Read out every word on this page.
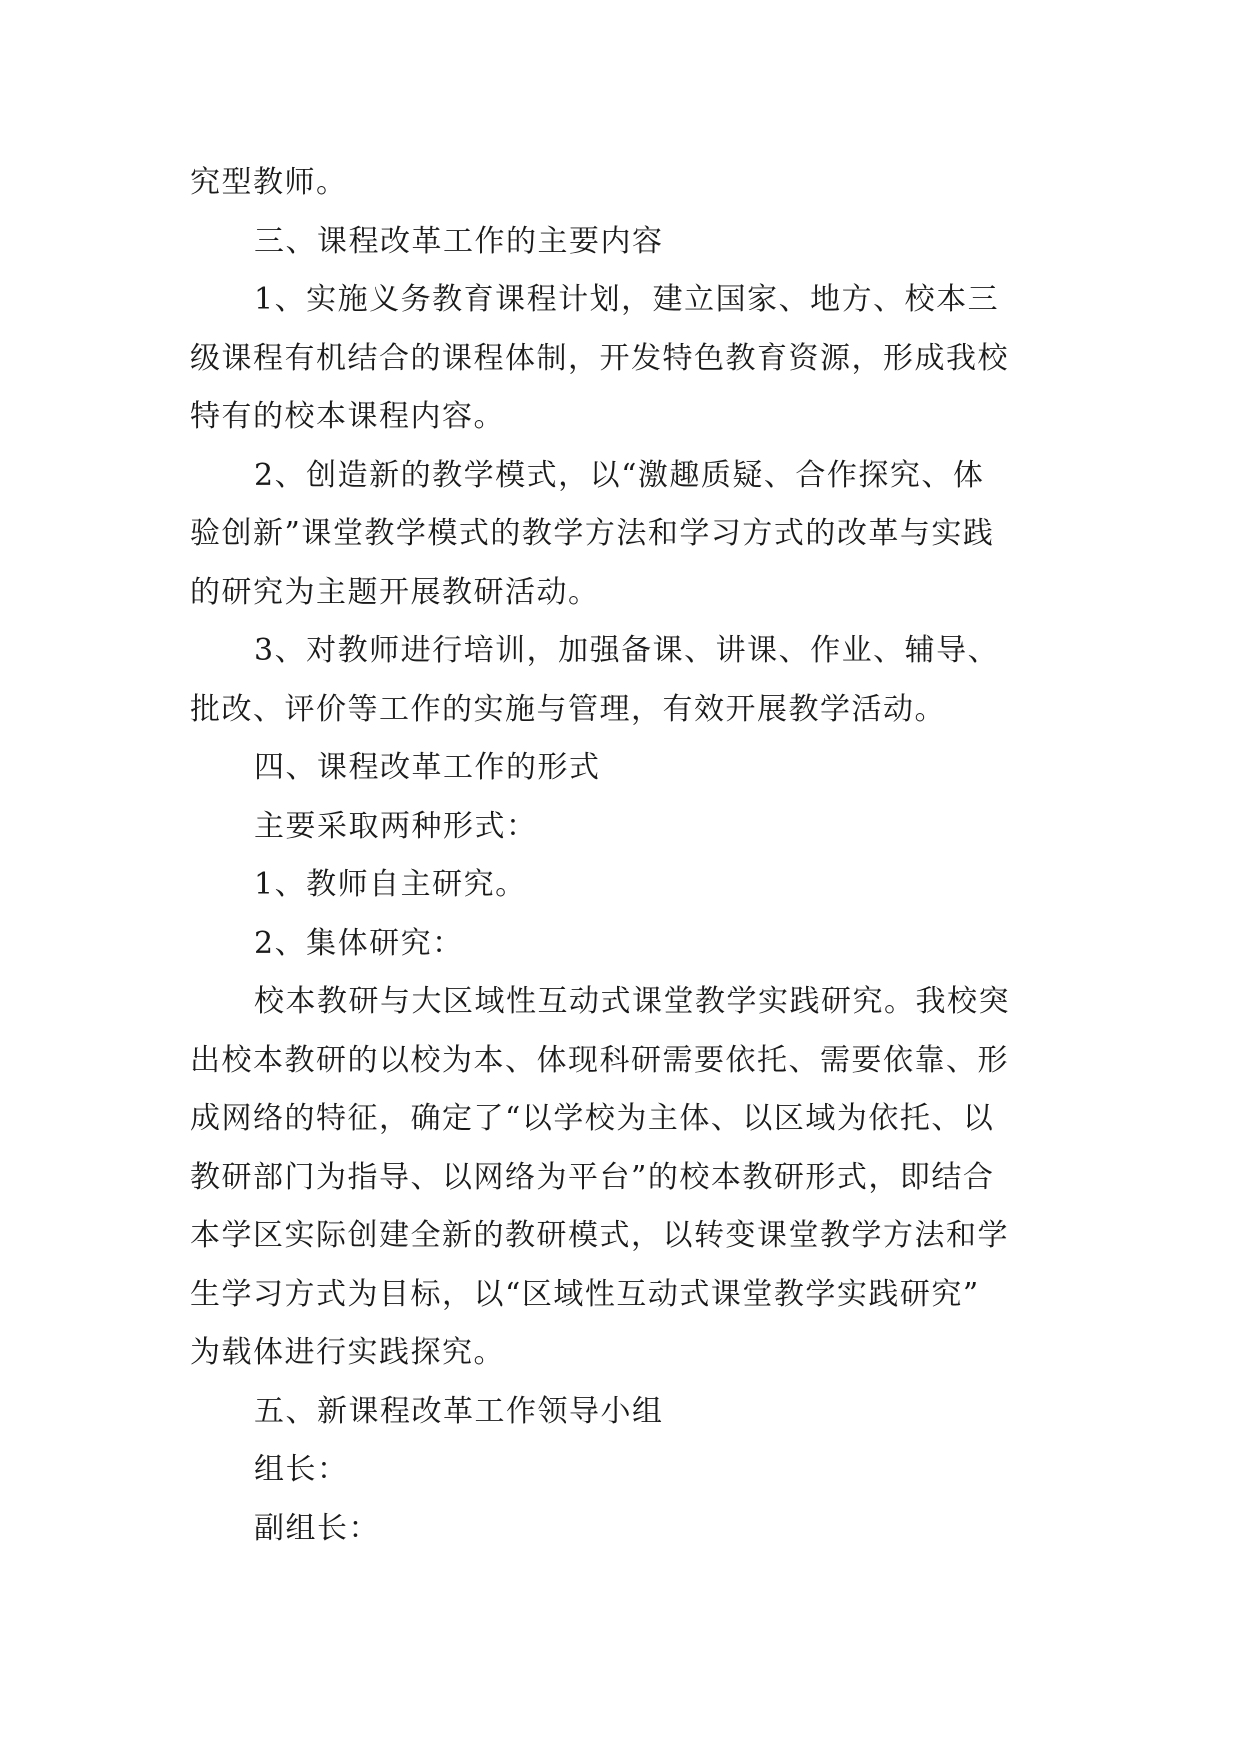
究型教师。
三、课程改革工作的主要内容
1、实施义务教育课程计划，建立国家、地方、校本三
级课程有机结合的课程体制，开发特色教育资源，形成我校
特有的校本课程内容。
2、创造新的教学模式，以“激趣质疑、合作探究、体
验创新”课堂教学模式的教学方法和学习方式的改革与实践
的研究为主题开展教研活动。
3、对教师进行培训，加强备课、讲课、作业、辅导、
批改、评价等工作的实施与管理，有效开展教学活动。
四、课程改革工作的形式
主要采取两种形式：
1、教师自主研究。
2、集体研究：
校本教研与大区域性互动式课堂教学实践研究。我校突
出校本教研的以校为本、体现科研需要依托、需要依靠、形
成网络的特征，确定了“以学校为主体、以区域为依托、以
教研部门为指导、以网络为平台”的校本教研形式，即结合
本学区实际创建全新的教研模式，以转变课堂教学方法和学
生学习方式为目标，以“区域性互动式课堂教学实践研究”
为载体进行实践探究。
五、新课程改革工作领导小组
组长：
副组长：
